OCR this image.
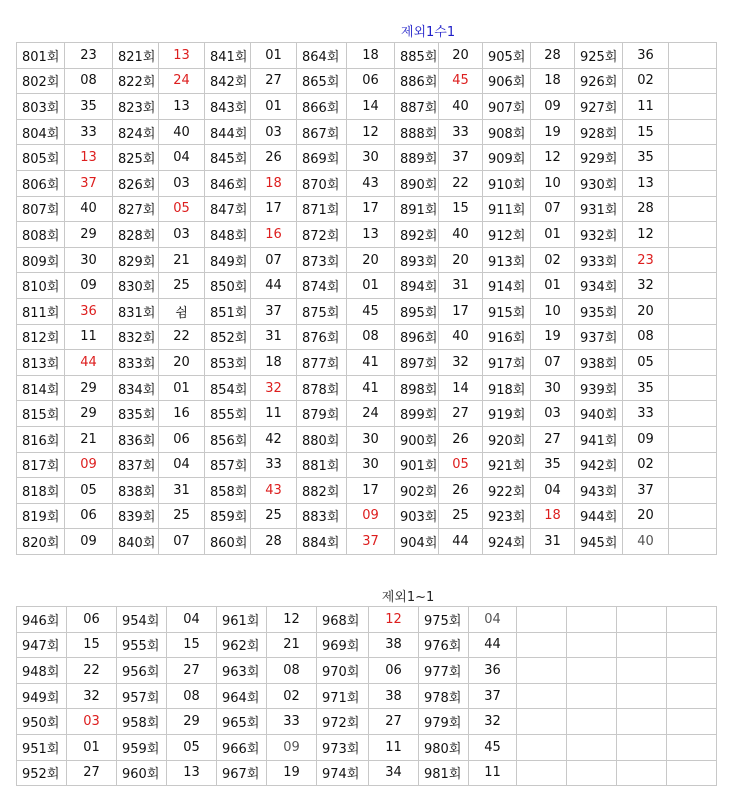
제외1수1
801회	23	821회	13	841회	01	864회	18	885회	20	905회	28	925회	36	
802회	08	822회	24	842회	27	865회	06	886회	45	906회	18	926회	02	
803회	35	823회	13	843회	01	866회	14	887회	40	907회	09	927회	11	
804회	33	824회	40	844회	03	867회	12	888회	33	908회	19	928회	15	
805회	13	825회	04	845회	26	869회	30	889회	37	909회	12	929회	35	
806회	37	826회	03	846회	18	870회	43	890회	22	910회	10	930회	13	
807회	40	827회	05	847회	17	871회	17	891회	15	911회	07	931회	28	
808회	29	828회	03	848회	16	872회	13	892회	40	912회	01	932회	12	
809회	30	829회	21	849회	07	873회	20	893회	20	913회	02	933회	23	
810회	09	830회	25	850회	44	874회	01	894회	31	914회	01	934회	32	
811회	36	831회	쉼	851회	37	875회	45	895회	17	915회	10	935회	20	
812회	11	832회	22	852회	31	876회	08	896회	40	916회	19	937회	08	
813회	44	833회	20	853회	18	877회	41	897회	32	917회	07	938회	05	
814회	29	834회	01	854회	32	878회	41	898회	14	918회	30	939회	35	
815회	29	835회	16	855회	11	879회	24	899회	27	919회	03	940회	33	
816회	21	836회	06	856회	42	880회	30	900회	26	920회	27	941회	09	
817회	09	837회	04	857회	33	881회	30	901회	05	921회	35	942회	02	
818회	05	838회	31	858회	43	882회	17	902회	26	922회	04	943회	37	
819회	06	839회	25	859회	25	883회	09	903회	25	923회	18	944회	20	
820회	09	840회	07	860회	28	884회	37	904회	44	924회	31	945회	40	
제외1~1
946회	06	954회	04	961회	12	968회	12	975회	04				
947회	15	955회	15	962회	21	969회	38	976회	44				
948회	22	956회	27	963회	08	970회	06	977회	36				
949회	32	957회	08	964회	02	971회	38	978회	37				
950회	03	958회	29	965회	33	972회	27	979회	32				
951회	01	959회	05	966회	09	973회	11	980회	45				
952회	27	960회	13	967회	19	974회	34	981회	11				
